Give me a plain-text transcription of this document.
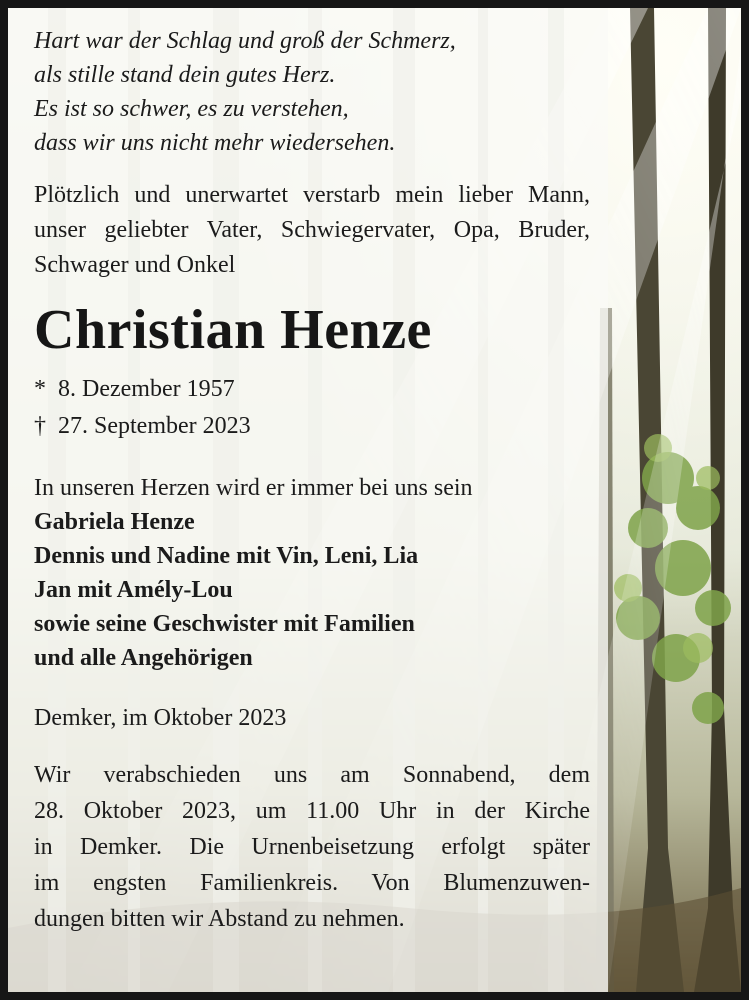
Hart war der Schlag und groß der Schmerz,
als stille stand dein gutes Herz.
Es ist so schwer, es zu verstehen,
dass wir uns nicht mehr wiedersehen.

Plötzlich und unerwartet verstarb mein lieber Mann, unser geliebter Vater, Schwiegervater, Opa, Bruder, Schwager und Onkel

Christian Henze

* 8. Dezember 1957
† 27. September 2023

In unseren Herzen wird er immer bei uns sein

Gabriela Henze
Dennis und Nadine mit Vin, Leni, Lia
Jan mit Amély-Lou
sowie seine Geschwister mit Familien
und alle Angehörigen

Demker, im Oktober 2023

Wir verabschieden uns am Sonnabend, dem
28. Oktober 2023, um 11.00 Uhr in der Kirche
in Demker. Die Urnenbeisetzung erfolgt später
im engsten Familienkreis. Von Blumenzuwen-
dungen bitten wir Abstand zu nehmen.
